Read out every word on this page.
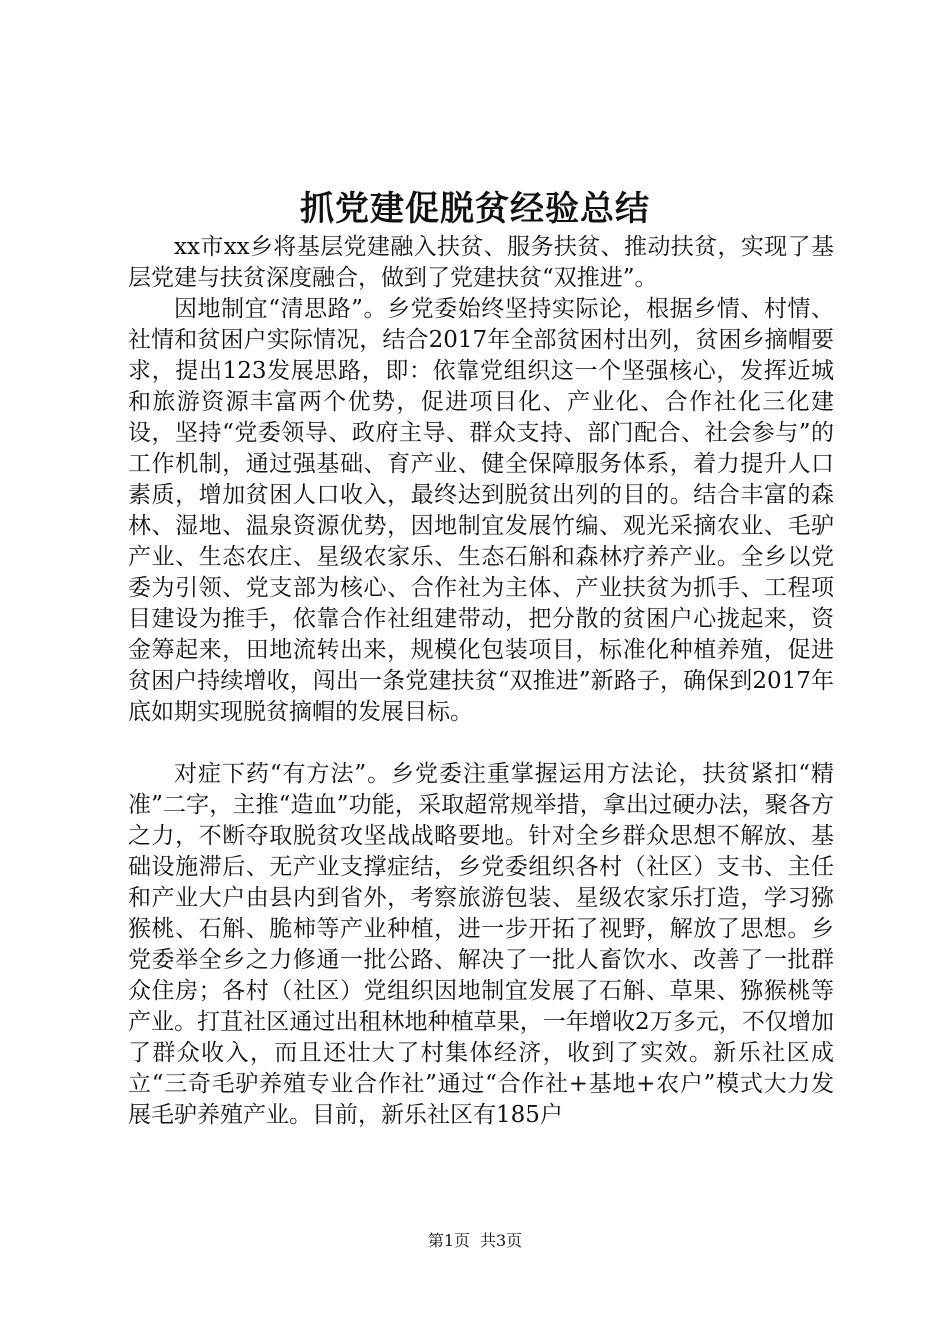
抓党建促脱贫经验总结

xx市xx乡将基层党建融入扶贫、服务扶贫、推动扶贫，实现了基层党建与扶贫深度融合，做到了党建扶贫“双推进”。

因地制宜“清思路”。乡党委始终坚持实际论，根据乡情、村情、社情和贫困户实际情况，结合2017年全部贫困村出列，贫困乡摘帽要求，提出123发展思路，即：依靠党组织这一个坚强核心，发挥近城和旅游资源丰富两个优势，促进项目化、产业化、合作社化三化建设，坚持“党委领导、政府主导、群众支持、部门配合、社会参与”的工作机制，通过强基础、育产业、健全保障服务体系，着力提升人口素质，增加贫困人口收入，最终达到脱贫出列的目的。结合丰富的森林、湿地、温泉资源优势，因地制宜发展竹编、观光采摘农业、毛驴产业、生态农庄、星级农家乐、生态石斛和森林疗养产业。全乡以党委为引领、党支部为核心、合作社为主体、产业扶贫为抓手、工程项目建设为推手，依靠合作社组建带动，把分散的贫困户心拢起来，资金筹起来，田地流转出来，规模化包装项目，标准化种植养殖，促进贫困户持续增收，闯出一条党建扶贫“双推进”新路子，确保到2017年底如期实现脱贫摘帽的发展目标。

对症下药“有方法”。乡党委注重掌握运用方法论，扶贫紧扣“精准”二字，主推“造血”功能，采取超常规举措，拿出过硬办法，聚各方之力，不断夺取脱贫攻坚战战略要地。针对全乡群众思想不解放、基础设施滞后、无产业支撑症结，乡党委组织各村（社区）支书、主任和产业大户由县内到省外，考察旅游包装、星级农家乐打造，学习猕猴桃、石斛、脆柿等产业种植，进一步开拓了视野，解放了思想。乡党委举全乡之力修通一批公路、解决了一批人畜饮水、改善了一批群众住房；各村（社区）党组织因地制宜发展了石斛、草果、猕猴桃等产业。打苴社区通过出租林地种植草果，一年增收2万多元，不仅增加了群众收入，而且还壮大了村集体经济，收到了实效。新乐社区成立“三奇毛驴养殖专业合作社”通过“合作社+基地+农户”模式大力发展毛驴养殖产业。目前，新乐社区有185户

第1页 共3页
